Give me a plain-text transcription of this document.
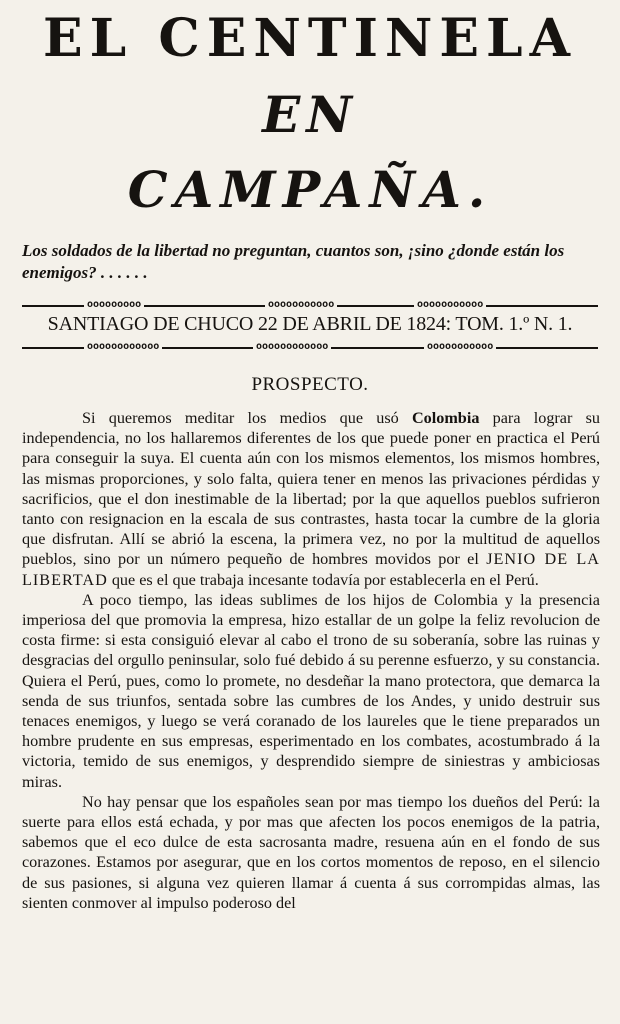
EL CENTINELA
EN
CAMPAÑA.
Los soldados de la libertad no preguntan, cuantos son, ¡sino ¿donde están los enemigos? . . . . . .
ooooooooo	ooooooooooo	ooooooooooo
SANTIAGO DE CHUCO 22 DE ABRIL DE 1824: TOM. 1.º N. 1.
oooooooooooo	oooooooooooo	ooooooooooo
PROSPECTO.

Si queremos meditar los medios que usó Colombia para lograr su independencia, no los hallaremos diferentes de los que puede poner en practica el Perú para conseguir la suya. El cuenta aún con los mismos elementos, los mismos hombres, las mismas proporciones, y solo falta, quiera tener en menos las privaciones pérdidas y sacrificios, que el don inestimable de la libertad; por la que aquellos pueblos sufrieron tanto con resignacion en la escala de sus contrastes, hasta tocar la cumbre de la gloria que disfrutan. Allí se abrió la escena, la primera vez, no por la multitud de aquellos pueblos, sino por un número pequeño de hombres movidos por el JENIO DE LA LIBERTAD que es el que trabaja incesante todavía por establecerla en el Perú.

A poco tiempo, las ideas sublimes de los hijos de Colombia y la presencia imperiosa del que promovia la empresa, hizo estallar de un golpe la feliz revolucion de costa firme: si esta consiguió elevar al cabo el trono de su soberanía, sobre las ruinas y desgracias del orgullo peninsular, solo fué debido á su perenne esfuerzo, y su constancia. Quiera el Perú, pues, como lo promete, no desdeñar la mano protectora, que demarca la senda de sus triunfos, sentada sobre las cumbres de los Andes, y unido destruir sus tenaces enemigos, y luego se verá coranado de los laureles que le tiene preparados un hombre prudente en sus empresas, esperimentado en los combates, acostumbrado á la victoria, temido de sus enemigos, y desprendido siempre de siniestras y ambiciosas miras.

No hay pensar que los españoles sean por mas tiempo los dueños del Perú: la suerte para ellos está echada, y por mas que afecten los pocos enemigos de la patria, sabemos que el eco dulce de esta sacrosanta madre, resuena aún en el fondo de sus corazones. Estamos por asegurar, que en los cortos momentos de reposo, en el silencio de sus pasiones, si alguna vez quieren llamar á cuenta á sus corrompidas almas, las sienten conmover al impulso poderoso del
